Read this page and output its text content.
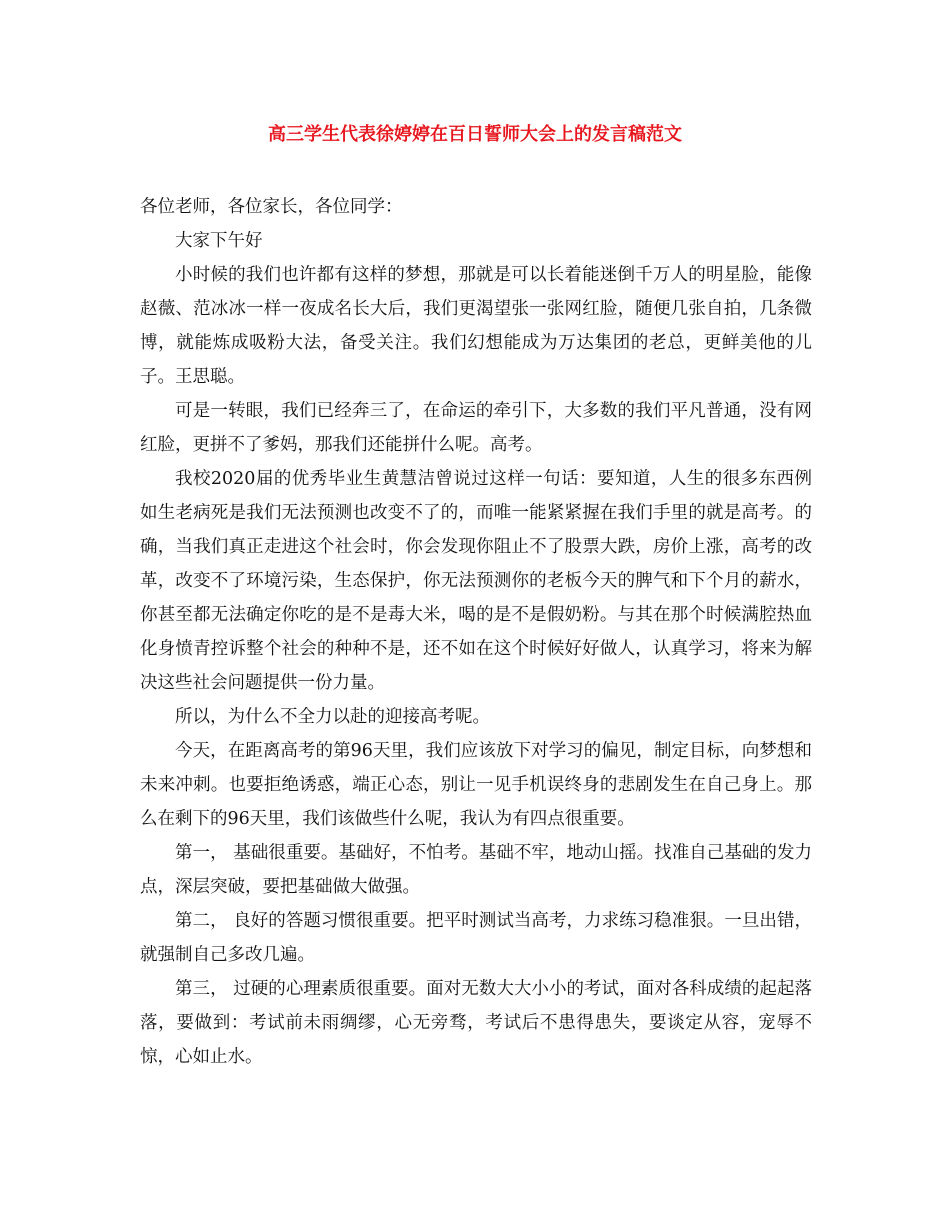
高三学生代表徐婷婷在百日誓师大会上的发言稿范文

各位老师，各位家长，各位同学：

大家下午好

小时候的我们也许都有这样的梦想，那就是可以长着能迷倒千万人的明星脸，能像赵薇、范冰冰一样一夜成名长大后，我们更渴望张一张网红脸，随便几张自拍，几条微博，就能炼成吸粉大法，备受关注。我们幻想能成为万达集团的老总，更鲜美他的儿子。王思聪。

可是一转眼，我们已经奔三了，在命运的牵引下，大多数的我们平凡普通，没有网红脸，更拼不了爹妈，那我们还能拼什么呢。高考。

我校2020届的优秀毕业生黄慧洁曾说过这样一句话：要知道，人生的很多东西例如生老病死是我们无法预测也改变不了的，而唯一能紧紧握在我们手里的就是高考。的确，当我们真正走进这个社会时，你会发现你阻止不了股票大跌，房价上涨，高考的改革，改变不了环境污染，生态保护，你无法预测你的老板今天的脾气和下个月的薪水，你甚至都无法确定你吃的是不是毒大米，喝的是不是假奶粉。与其在那个时候满腔热血化身愤青控诉整个社会的种种不是，还不如在这个时候好好做人，认真学习，将来为解决这些社会问题提供一份力量。

所以，为什么不全力以赴的迎接高考呢。

今天，在距离高考的第96天里，我们应该放下对学习的偏见，制定目标，向梦想和未来冲刺。也要拒绝诱惑，端正心态，别让一见手机误终身的悲剧发生在自己身上。那么在剩下的96天里，我们该做些什么呢，我认为有四点很重要。

第一， 基础很重要。基础好，不怕考。基础不牢，地动山摇。找准自己基础的发力点，深层突破，要把基础做大做强。

第二， 良好的答题习惯很重要。把平时测试当高考，力求练习稳准狠。一旦出错，就强制自己多改几遍。

第三， 过硬的心理素质很重要。面对无数大大小小的考试，面对各科成绩的起起落落，要做到：考试前未雨绸缪，心无旁骛，考试后不患得患失，要谈定从容，宠辱不惊，心如止水。
